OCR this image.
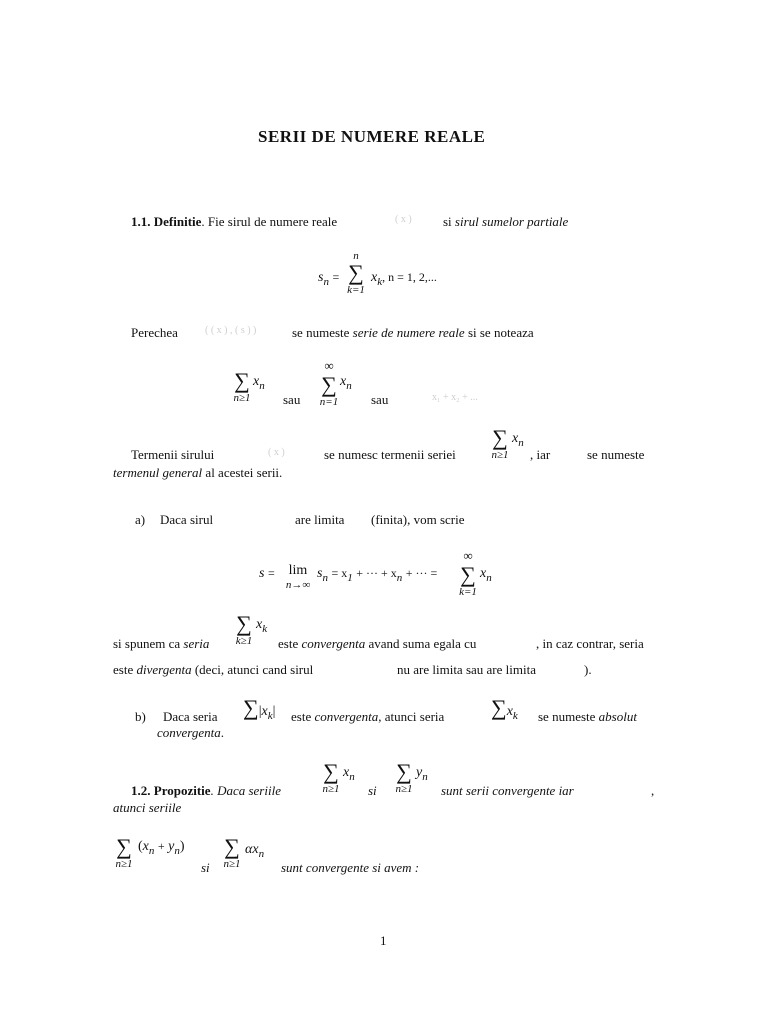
SERII DE NUMERE REALE
1.1. Definitie. Fie sirul de numere reale	( x ) si sirul sumelor partiale
$s_n$ =
n
∑
k=1
$x_k$, n = 1, 2,...
Perechea	( ( x ) , ( s ) )	se numeste serie de numere reale si se noteaza
∑
n≥1
$x_n$
sau
∞
∑
n=1
$x_n$
sau	x₁ + x₂ + ...
Termenii sirului	( x )	se numesc termenii seriei
∑
n≥1
$x_n$
, iar	se numeste
termenul general al acestei serii.
a) Daca sirul	are limita (finita), vom scrie
s = lim
n→∞
$s_n = x_1$ + ··· + $x_n$ + ··· =
∞
∑
k=1
$x_n$
∑
k≥1
$x_k$
si spunem ca seria	este convergenta avand suma egala cu	, in caz contrar, seria
este divergenta (deci, atunci cand sirul	nu are limita sau are limita	).
b) Daca seria $\sum|x_k|$ este convergenta, atunci seria $\sum x_k$ se numeste absolut
convergenta.
∑
n≥1
$x_n$ ∑
n≥1
$y_n$
1.2. Propozitie. Daca seriile	si	sunt serii convergente iar	,
atunci seriile
∑
n≥1
$(x_n + y_n)$
si
∑
n≥1
$\alpha x_n$
sunt convergente si avem :
1
